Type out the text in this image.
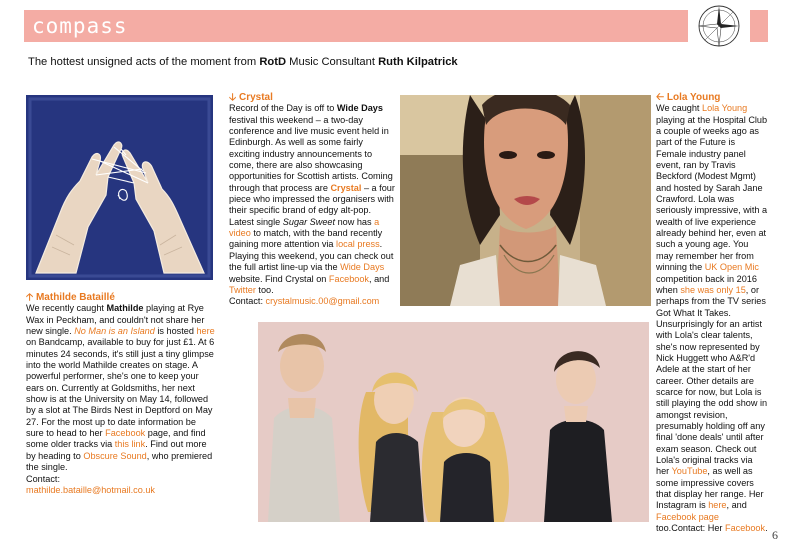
compass
The hottest unsigned acts of the moment from RotD Music Consultant Ruth Kilpatrick

🡡 Mathilde Bataillé

We recently caught Mathilde playing at Rye Wax in Peckham, and couldn't not share her new single. No Man is an Island is hosted here on Bandcamp, available to buy for just £1. At 6 minutes 24 seconds, it's still just a tiny glimpse into the world Mathilde creates on stage. A powerful performer, she's one to keep your ears on. Currently at Goldsmiths, her next show is at the University on May 14, followed by a slot at The Birds Nest in Deptford on May 27. For the most up to date information be sure to head to her Facebook page, and find some older tracks via this link. Find out more by heading to Obscure Sound, who premiered the single.

Contact:

mathilde.bataille@hotmail.co.uk

🡣 Crystal

Record of the Day is off to Wide Days festival this weekend – a two-day conference and live music event held in Edinburgh. As well as some fairly exciting industry announcements to come, there are also showcasing opportunities for Scottish artists. Coming through that process are Crystal – a four piece who impressed the organisers with their specific brand of edgy alt-pop. Latest single Sugar Sweet now has a video to match, with the band recently gaining more attention via local press. Playing this weekend, you can check out the full artist line-up via the Wide Days website. Find Crystal on Facebook, and Twitter too.

Contact: crystalmusic.00@gmail.com

🡠 Lola Young

We caught Lola Young playing at the Hospital Club a couple of weeks ago as part of the Future is Female industry panel event, ran by Travis Beckford (Modest Mgmt) and hosted by Sarah Jane Crawford. Lola was seriously impressive, with a wealth of live experience already behind her, even at such a young age. You may remember her from winning the UK Open Mic competition back in 2016 when she was only 15, or perhaps from the TV series Got What It Takes. Unsurprisingly for an artist with Lola's clear talents, she's now represented by Nick Huggett who A&R'd Adele at the start of her career. Other details are scarce for now, but Lola is still playing the odd show in amongst revision, presumably holding off any final 'done deals' until after exam season. Check out Lola's original tracks via her YouTube, as well as some impressive covers that display her range. Her Instagram is here, and Facebook page too.Contact: Her Facebook. 6
